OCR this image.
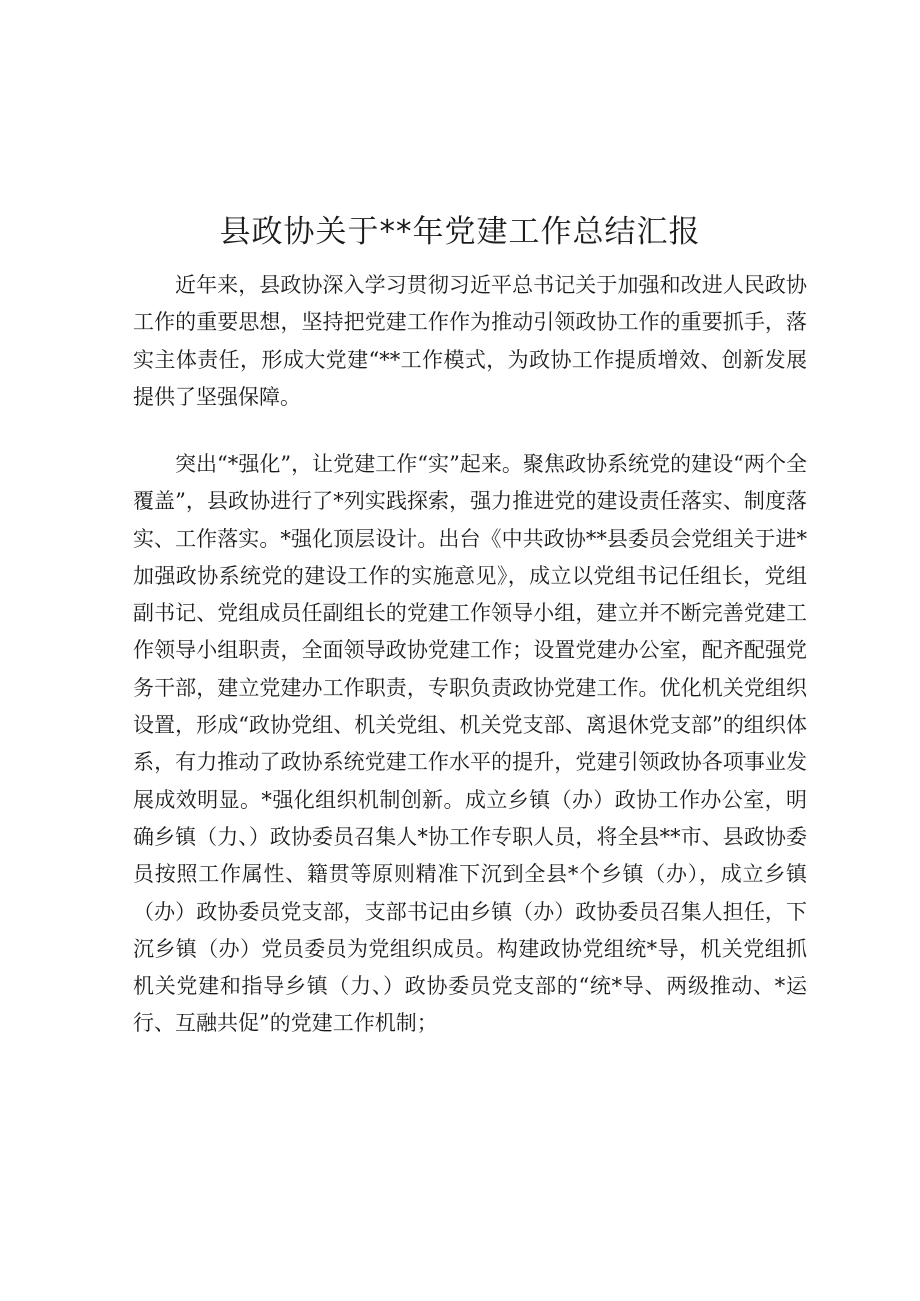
县政协关于**年党建工作总结汇报

近年来，县政协深入学习贯彻习近平总书记关于加强和改进人民政协工作的重要思想，坚持把党建工作作为推动引领政协工作的重要抓手，落实主体责任，形成大党建“**工作模式，为政协工作提质增效、创新发展提供了坚强保障。

突出“*强化”，让党建工作“实”起来。聚焦政协系统党的建设“两个全覆盖”，县政协进行了*列实践探索，强力推进党的建设责任落实、制度落实、工作落实。*强化顶层设计。出台《中共政协**县委员会党组关于进*加强政协系统党的建设工作的实施意见》，成立以党组书记任组长，党组副书记、党组成员任副组长的党建工作领导小组，建立并不断完善党建工作领导小组职责，全面领导政协党建工作；设置党建办公室，配齐配强党务干部，建立党建办工作职责，专职负责政协党建工作。优化机关党组织设置，形成“政协党组、机关党组、机关党支部、离退休党支部”的组织体系，有力推动了政协系统党建工作水平的提升，党建引领政协各项事业发展成效明显。*强化组织机制创新。成立乡镇（办）政协工作办公室，明确乡镇（力、）政协委员召集人*协工作专职人员，将全县**市、县政协委员按照工作属性、籍贯等原则精准下沉到全县*个乡镇（办），成立乡镇（办）政协委员党支部，支部书记由乡镇（办）政协委员召集人担任，下沉乡镇（办）党员委员为党组织成员。构建政协党组统*导，机关党组抓机关党建和指导乡镇（力、）政协委员党支部的“统*导、两级推动、*运行、互融共促”的党建工作机制；
